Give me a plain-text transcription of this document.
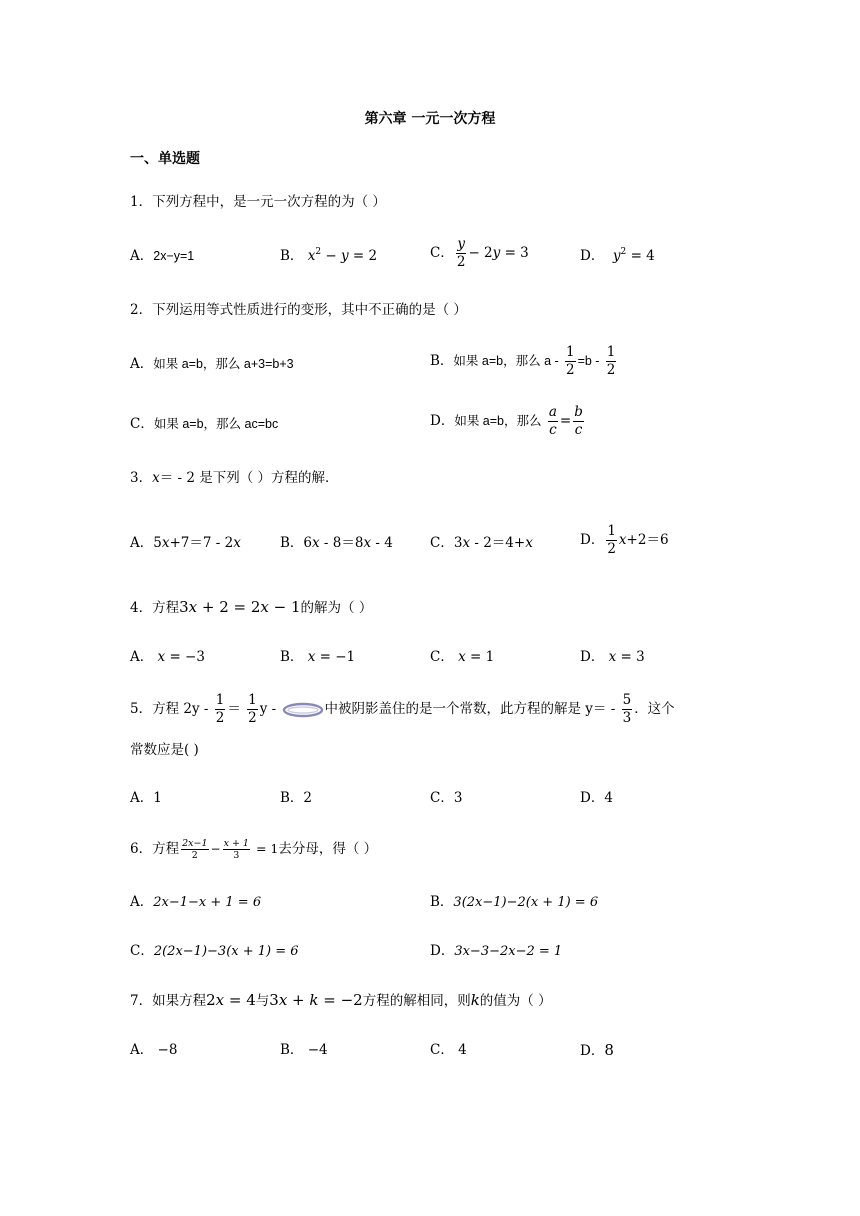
第六章 一元一次方程
一、单选题
1．下列方程中，是一元一次方程的为（ ）
A．2x−y=1	B． $x^2 - y = 2$	C． $\frac{y}{2} - 2y = 3$	D．  $y^2 = 4$
2．下列运用等式性质进行的变形，其中不正确的是（ ）
A．如果 a=b，那么 a+3=b+3	B．如果 a=b，那么 $a - \frac{1}{2} =b - \frac{1}{2}$
C．如果 a=b，那么 ac=bc	D．如果 a=b，那么 $\frac{a}{c} = \frac{b}{c}$
3．x＝ - 2 是下列（ ）方程的解．
A．5x+7＝7 - 2x	B．6x - 8＝8x - 4	C．3x - 2＝4+x	D． $\frac{1}{2} x+2=6$
4．方程3x + 2 = 2x − 1的解为（ ）
A． x = −3	B． x = −1	C． x = 1	D． x = 3
5．方程 $2y - \frac{1}{2} = \frac{1}{2}$ y -	中被阴影盖住的是一个常数，此方程的解是 $y= - \frac{5}{3}$ ．这个
常数应是( )
A．1	B．2	C．3	D．4
6．方程 $\frac{2x-1}{2} - \frac{x + 1}{3} = 1$去分母，得（ ）
A．2x−1−x + 1 = 6	B．3(2x−1)−2(x + 1) = 6
C．2(2x−1)−3(x + 1) = 6	D．3x−3−2x−2 = 1
7．如果方程2x = 4与3x + k = −2方程的解相同，则k的值为（ ）
A． −8	B． −4	C． 4	D．8
